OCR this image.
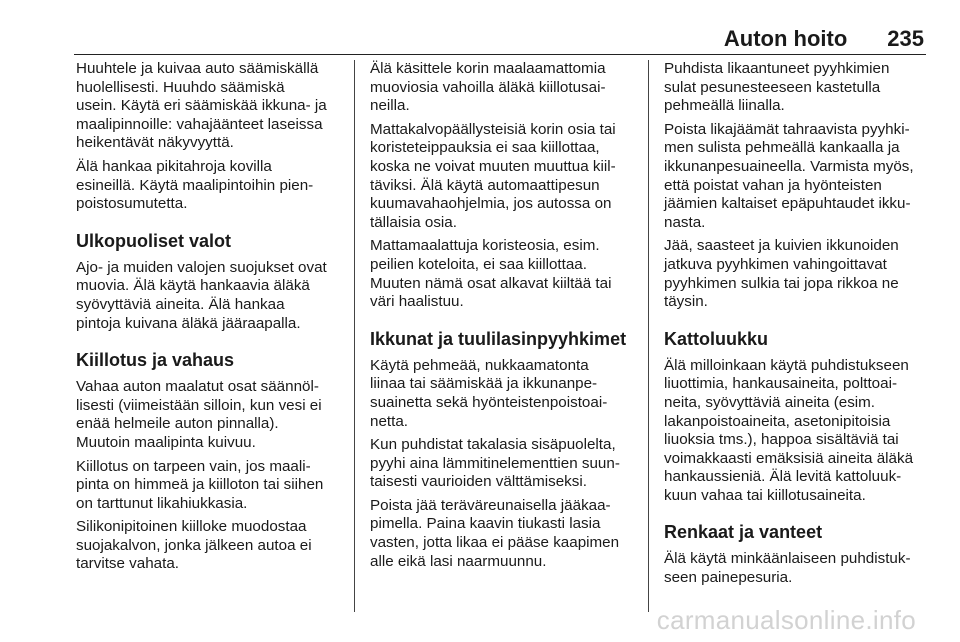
Auton hoito 235

Huuhtele ja kuivaa auto säämiskällä
huolellisesti. Huuhdo säämiskä
usein. Käytä eri säämiskää ikkuna- ja
maalipinnoille: vahajäänteet laseissa
heikentävät näkyvyyttä.

Älä hankaa pikitahroja kovilla
esineillä. Käytä maalipintoihin pien-
poistosumutetta.

Ulkopuoliset valot

Ajo- ja muiden valojen suojukset ovat
muovia. Älä käytä hankaavia äläkä
syövyttäviä aineita. Älä hankaa
pintoja kuivana äläkä jääraapalla.

Kiillotus ja vahaus

Vahaa auton maalatut osat säännöl-
lisesti (viimeistään silloin, kun vesi ei
enää helmeile auton pinnalla).
Muutoin maalipinta kuivuu.

Kiillotus on tarpeen vain, jos maali-
pinta on himmeä ja kiilloton tai siihen
on tarttunut likahiukkasia.

Silikonipitoinen kiilloke muodostaa
suojakalvon, jonka jälkeen autoa ei
tarvitse vahata.

Älä käsittele korin maalaamattomia
muoviosia vahoilla äläkä kiillotusai-
neilla.

Mattakalvopäällysteisiä korin osia tai
koristeteippauksia ei saa kiillottaa,
koska ne voivat muuten muuttua kiil-
täviksi. Älä käytä automaattipesun
kuumavahaohjelmia, jos autossa on
tällaisia osia.

Mattamaalattuja koristeosia, esim.
peilien koteloita, ei saa kiillottaa.
Muuten nämä osat alkavat kiiltää tai
väri haalistuu.

Ikkunat ja tuulilasinpyyhkimet

Käytä pehmeää, nukkaamatonta
liinaa tai säämiskää ja ikkunanpe-
suainetta sekä hyönteistenpoistoai-
netta.

Kun puhdistat takalasia sisäpuolelta,
pyyhi aina lämmitinelementtien suun-
taisesti vaurioiden välttämiseksi.

Poista jää teräväreunaisella jääkaa-
pimella. Paina kaavin tiukasti lasia
vasten, jotta likaa ei pääse kaapimen
alle eikä lasi naarmuunnu.

Puhdista likaantuneet pyyhkimien
sulat pesunesteeseen kastetulla
pehmeällä liinalla.

Poista likajäämät tahraavista pyyhki-
men sulista pehmeällä kankaalla ja
ikkunanpesuaineella. Varmista myös,
että poistat vahan ja hyönteisten
jäämien kaltaiset epäpuhtaudet ikku-
nasta.

Jää, saasteet ja kuivien ikkunoiden
jatkuva pyyhkimen vahingoittavat
pyyhkimen sulkia tai jopa rikkoa ne
täysin.

Kattoluukku

Älä milloinkaan käytä puhdistukseen
liuottimia, hankausaineita, polttoai-
neita, syövyttäviä aineita (esim.
lakanpoistoaineita, asetonipitoisia
liuoksia tms.), happoa sisältäviä tai
voimakkaasti emäksisiä aineita äläkä
hankaussieniä. Älä levitä kattoluuk-
kuun vahaa tai kiillotusaineita.

Renkaat ja vanteet

Älä käytä minkäänlaiseen puhdistuk-
seen painepesuria.

carmanualsonline.info
